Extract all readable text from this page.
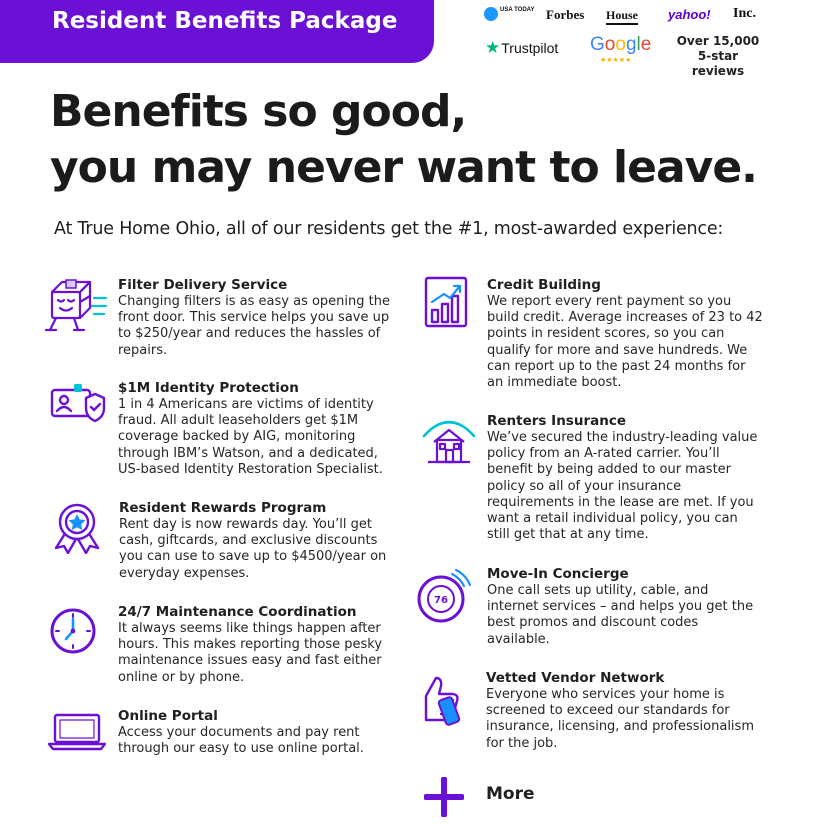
Resident Benefits Package	USA TODAY Forbes House yahoo! Inc.
★Trustpilot Google
★★★★★
Over 15,000
5-star reviews
Benefits so good,
you may never want to leave.
At True Home Ohio, all of our residents get the #1, most-awarded experience:
Filter Delivery Service
Changing filters is as easy as opening the
front door. This service helps you save up
to $250/year and reduces the hassles of
repairs.
$1M Identity Protection
1 in 4 Americans are victims of identity
fraud. All adult leaseholders get $1M
coverage backed by AIG, monitoring
through IBM’s Watson, and a dedicated,
US-based Identity Restoration Specialist.
Resident Rewards Program
Rent day is now rewards day. You’ll get
cash, giftcards, and exclusive discounts
you can use to save up to $4500/year on
everyday expenses.
24/7 Maintenance Coordination
It always seems like things happen after
hours. This makes reporting those pesky
maintenance issues easy and fast either
online or by phone.
Online Portal
Access your documents and pay rent
through our easy to use online portal.
Credit Building
We report every rent payment so you
build credit. Average increases of 23 to 42
points in resident scores, so you can
qualify for more and save hundreds. We
can report up to the past 24 months for
an immediate boost.
Renters Insurance
We’ve secured the industry-leading value
policy from an A-rated carrier. You’ll
benefit by being added to our master
policy so all of your insurance
requirements in the lease are met. If you
want a retail individual policy, you can
still get that at any time.
Move-In Concierge
One call sets up utility, cable, and
internet services – and helps you get the
best promos and discount codes
available.
Vetted Vendor Network
Everyone who services your home is
screened to exceed our standards for
insurance, licensing, and professionalism
for the job.
76
More
